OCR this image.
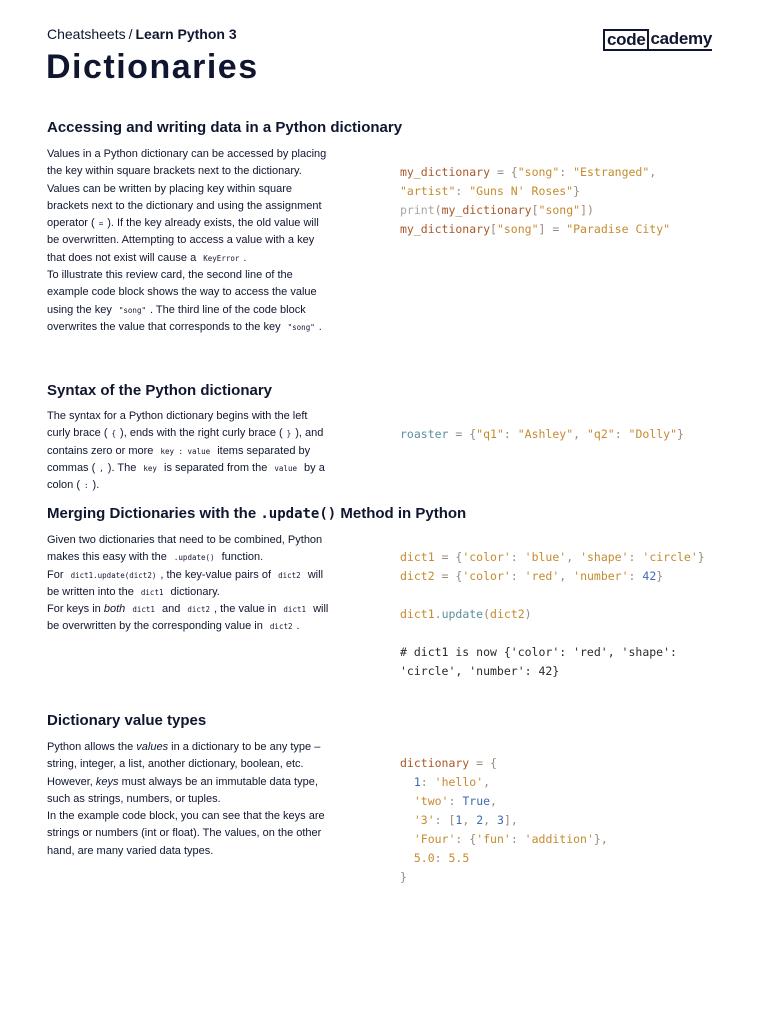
Cheatsheets / Learn Python 3	code cademy
Dictionaries
Accessing and writing data in a Python dictionary

Values in a Python dictionary can be accessed by placing the key within square brackets next to the dictionary. Values can be written by placing key within square brackets next to the dictionary and using the assignment operator ( = ). If the key already exists, the old value will be overwritten. Attempting to access a value with a key that does not exist will cause a KeyError .

To illustrate this review card, the second line of the example code block shows the way to access the value using the key "song" . The third line of the code block overwrites the value that corresponds to the key "song" .

my_dictionary = {"song": "Estranged",
"artist": "Guns N' Roses"}
print(my_dictionary["song"])
my_dictionary["song"] = "Paradise City"
Syntax of the Python dictionary

The syntax for a Python dictionary begins with the left curly brace ( { ), ends with the right curly brace ( } ), and contains zero or more key : value items separated by commas ( , ). The key is separated from the value by a colon ( : ).

roaster = {"q1": "Ashley", "q2": "Dolly"}
Merging Dictionaries with the .update() Method in Python

Given two dictionaries that need to be combined, Python makes this easy with the .update() function.

For dict1.update(dict2) , the key-value pairs of dict2 will be written into the dict1 dictionary.

For keys in both dict1 and dict2 , the value in dict1 will be overwritten by the corresponding value in dict2 .

dict1 = {'color': 'blue', 'shape': 'circle'}
dict2 = {'color': 'red', 'number': 42}

dict1.update(dict2)

# dict1 is now {'color': 'red', 'shape':
'circle', 'number': 42}
Dictionary value types

Python allows the values in a dictionary to be any type – string, integer, a list, another dictionary, boolean, etc. However, keys must always be an immutable data type, such as strings, numbers, or tuples.

In the example code block, you can see that the keys are strings or numbers (int or float). The values, on the other hand, are many varied data types.

dictionary = {
1: 'hello',
'two': True,
'3': [1, 2, 3],
'Four': {'fun': 'addition'},
5.0: 5.5
}
